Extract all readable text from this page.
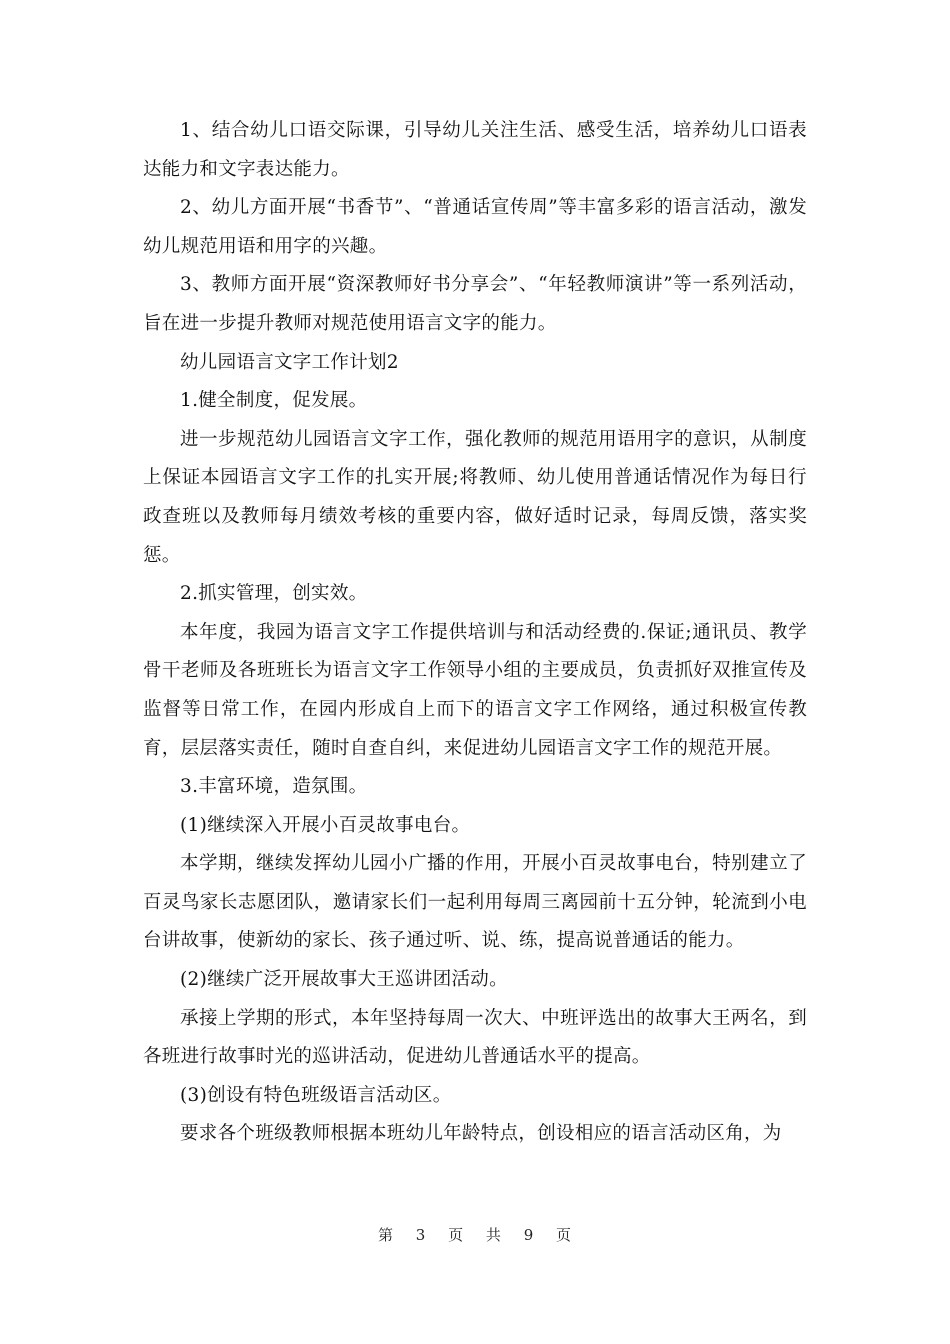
1、结合幼儿口语交际课，引导幼儿关注生活、感受生活，培养幼儿口语表达能力和文字表达能力。

2、幼儿方面开展“书香节”、“普通话宣传周”等丰富多彩的语言活动，激发幼儿规范用语和用字的兴趣。

3、教师方面开展“资深教师好书分享会”、“年轻教师演讲”等一系列活动，旨在进一步提升教师对规范使用语言文字的能力。

幼儿园语言文字工作计划2

1.健全制度，促发展。

进一步规范幼儿园语言文字工作，强化教师的规范用语用字的意识，从制度上保证本园语言文字工作的扎实开展;将教师、幼儿使用普通话情况作为每日行政查班以及教师每月绩效考核的重要内容，做好适时记录，每周反馈，落实奖惩。

2.抓实管理，创实效。

本年度，我园为语言文字工作提供培训与和活动经费的.保证;通讯员、教学骨干老师及各班班长为语言文字工作领导小组的主要成员，负责抓好双推宣传及监督等日常工作，在园内形成自上而下的语言文字工作网络，通过积极宣传教育，层层落实责任，随时自查自纠，来促进幼儿园语言文字工作的规范开展。

3.丰富环境，造氛围。

(1)继续深入开展小百灵故事电台。

本学期，继续发挥幼儿园小广播的作用，开展小百灵故事电台，特别建立了百灵鸟家长志愿团队，邀请家长们一起利用每周三离园前十五分钟，轮流到小电台讲故事，使新幼的家长、孩子通过听、说、练，提高说普通话的能力。

(2)继续广泛开展故事大王巡讲团活动。

承接上学期的形式，本年坚持每周一次大、中班评选出的故事大王两名，到各班进行故事时光的巡讲活动，促进幼儿普通话水平的提高。

(3)创设有特色班级语言活动区。

要求各个班级教师根据本班幼儿年龄特点，创设相应的语言活动区角，为

第 3 页 共 9 页
